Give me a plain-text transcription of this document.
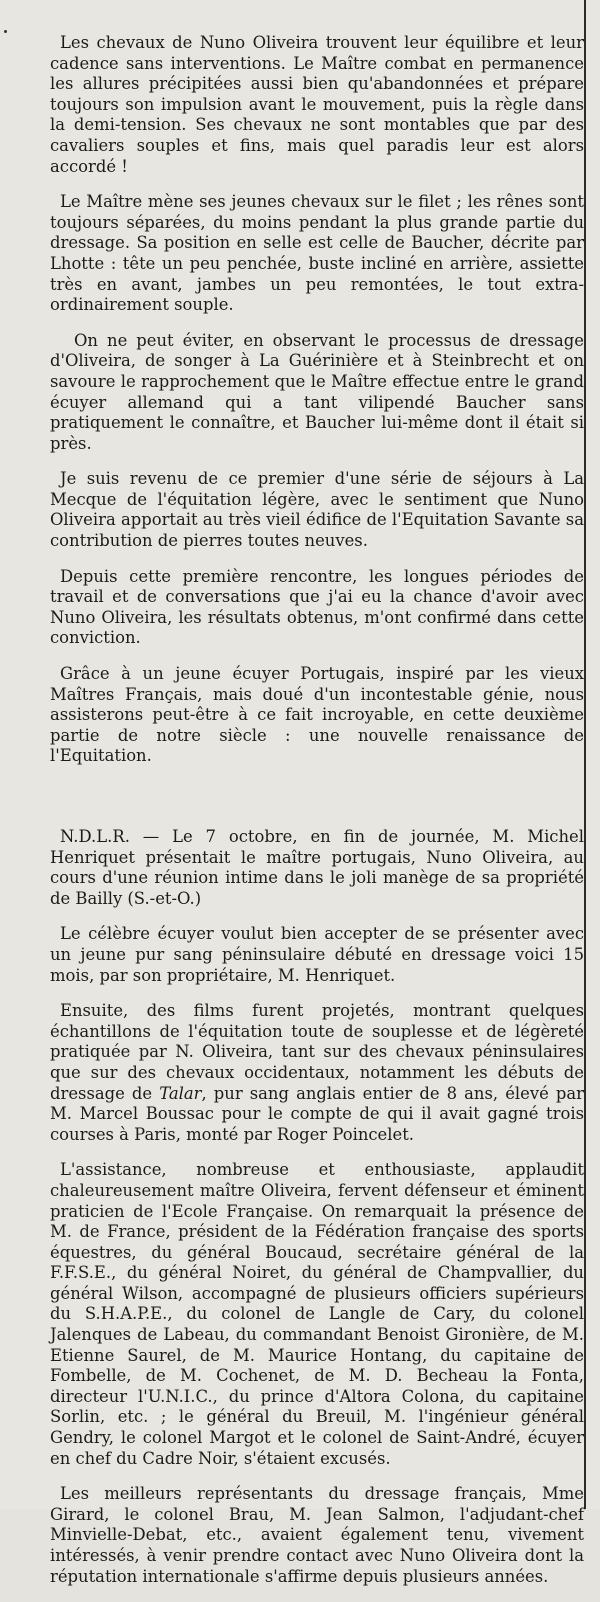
Les chevaux de Nuno Oliveira trouvent leur équilibre et leur cadence sans interventions. Le Maître combat en permanence les allures précipitées aussi bien qu'abandonnées et prépare toujours son impulsion avant le mouvement, puis la règle dans la demi-tension. Ses chevaux ne sont montables que par des cavaliers souples et fins, mais quel paradis leur est alors accordé !

Le Maître mène ses jeunes chevaux sur le filet ; les rênes sont toujours séparées, du moins pendant la plus grande partie du dressage. Sa position en selle est celle de Baucher, décrite par Lhotte : tête un peu penchée, buste incliné en arrière, assiette très en avant, jambes un peu remontées, le tout extra-ordinairement souple.

On ne peut éviter, en observant le processus de dressage d'Oliveira, de songer à La Guérinière et à Steinbrecht et on savoure le rapprochement que le Maître effectue entre le grand écuyer allemand qui a tant vilipendé Baucher sans pratiquement le connaître, et Baucher lui-même dont il était si près.

Je suis revenu de ce premier d'une série de séjours à La Mecque de l'équitation légère, avec le sentiment que Nuno Oliveira apportait au très vieil édifice de l'Equitation Savante sa contribution de pierres toutes neuves.

Depuis cette première rencontre, les longues périodes de travail et de conversations que j'ai eu la chance d'avoir avec Nuno Oliveira, les résultats obtenus, m'ont confirmé dans cette conviction.

Grâce à un jeune écuyer Portugais, inspiré par les vieux Maîtres Français, mais doué d'un incontestable génie, nous assisterons peut-être à ce fait incroyable, en cette deuxième partie de notre siècle : une nouvelle renaissance de l'Equitation.

N.D.L.R. — Le 7 octobre, en fin de journée, M. Michel Henriquet présentait le maître portugais, Nuno Oliveira, au cours d'une réunion intime dans le joli manège de sa propriété de Bailly (S.-et-O.)

Le célèbre écuyer voulut bien accepter de se présenter avec un jeune pur sang péninsulaire débuté en dressage voici 15 mois, par son propriétaire, M. Henriquet.

Ensuite, des films furent projetés, montrant quelques échantillons de l'équitation toute de souplesse et de légèreté pratiquée par N. Oliveira, tant sur des chevaux péninsulaires que sur des chevaux occidentaux, notamment les débuts de dressage de Talar, pur sang anglais entier de 8 ans, élevé par M. Marcel Boussac pour le compte de qui il avait gagné trois courses à Paris, monté par Roger Poincelet.

L'assistance, nombreuse et enthousiaste, applaudit chaleureusement maître Oliveira, fervent défenseur et éminent praticien de l'Ecole Française. On remarquait la présence de M. de France, président de la Fédération française des sports équestres, du général Boucaud, secrétaire général de la F.F.S.E., du général Noiret, du général de Champvallier, du général Wilson, accompagné de plusieurs officiers supérieurs du S.H.A.P.E., du colonel de Langle de Cary, du colonel Jalenques de Labeau, du commandant Benoist Gironière, de M. Etienne Saurel, de M. Maurice Hontang, du capitaine de Fombelle, de M. Cochenet, de M. D. Becheau la Fonta, directeur l'U.N.I.C., du prince d'Altora Colona, du capitaine Sorlin, etc. ; le général du Breuil, M. l'ingénieur général Gendry, le colonel Margot et le colonel de Saint-André, écuyer en chef du Cadre Noir, s'étaient excusés.

Les meilleurs représentants du dressage français, Mme Girard, le colonel Brau, M. Jean Salmon, l'adjudant-chef Minvielle-Debat, etc., avaient également tenu, vivement intéressés, à venir prendre contact avec Nuno Oliveira dont la réputation internationale s'affirme depuis plusieurs années.
